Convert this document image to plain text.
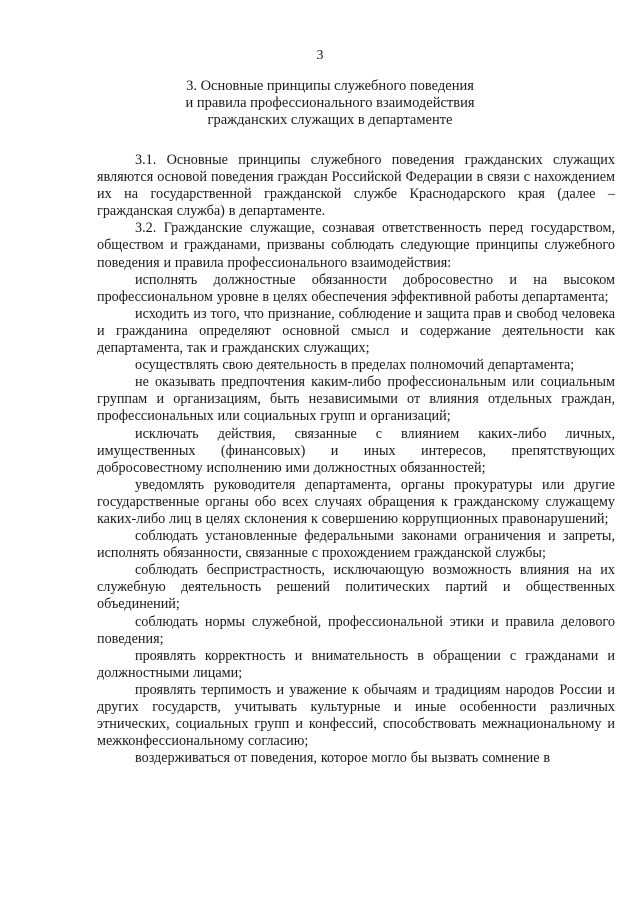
3
3. Основные принципы служебного поведения
и правила профессионального взаимодействия
гражданских служащих в департаменте

3.1. Основные принципы служебного поведения гражданских служащих являются основой поведения граждан Российской Федерации в связи с нахождением их на государственной гражданской службе Краснодарского края (далее – гражданская служба) в департаменте.

3.2. Гражданские служащие, сознавая ответственность перед государством, обществом и гражданами, призваны соблюдать следующие принципы служебного поведения и правила профессионального взаимодействия:

исполнять должностные обязанности добросовестно и на высоком профессиональном уровне в целях обеспечения эффективной работы департамента;

исходить из того, что признание, соблюдение и защита прав и свобод человека и гражданина определяют основной смысл и содержание деятельности как департамента, так и гражданских служащих;

осуществлять свою деятельность в пределах полномочий департамента;

не оказывать предпочтения каким-либо профессиональным или социальным группам и организациям, быть независимыми от влияния отдельных граждан, профессиональных или социальных групп и организаций;

исключать действия, связанные с влиянием каких-либо личных, имущественных (финансовых) и иных интересов, препятствующих добросовестному исполнению ими должностных обязанностей;

уведомлять руководителя департамента, органы прокуратуры или другие государственные органы обо всех случаях обращения к гражданскому служащему каких-либо лиц в целях склонения к совершению коррупционных правонарушений;

соблюдать установленные федеральными законами ограничения и запреты, исполнять обязанности, связанные с прохождением гражданской службы;

соблюдать беспристрастность, исключающую возможность влияния на их служебную деятельность решений политических партий и общественных объединений;

соблюдать нормы служебной, профессиональной этики и правила делового поведения;

проявлять корректность и внимательность в обращении с гражданами и должностными лицами;

проявлять терпимость и уважение к обычаям и традициям народов России и других государств, учитывать культурные и иные особенности различных этнических, социальных групп и конфессий, способствовать межнациональному и межконфессиональному согласию;

воздерживаться от поведения, которое могло бы вызвать сомнение в
